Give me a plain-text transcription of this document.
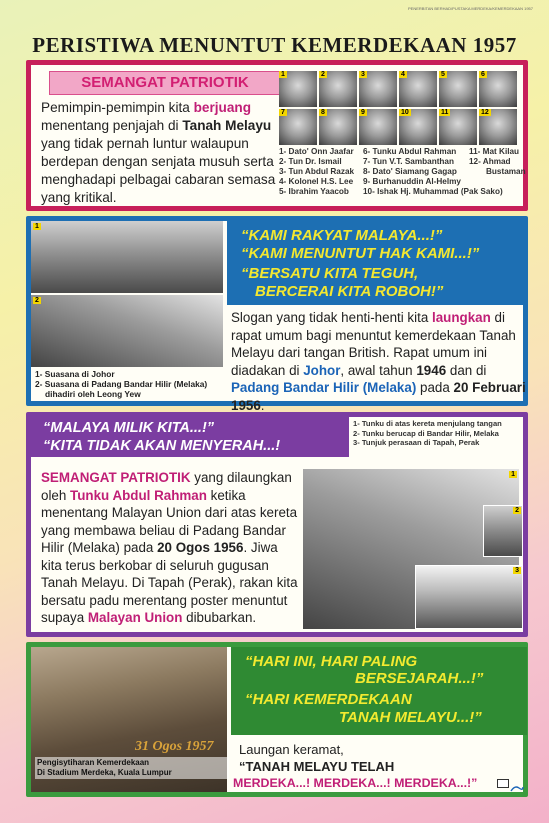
PENERBITAN BERHAD/PUSTAKA MERDEKA/KEMERDEKAAN 1957
PERISTIWA MENUNTUT KEMERDEKAAN 1957
SEMANGAT PATRIOTIK
Pemimpin-pemimpin kita berjuang menentang penjajah di Tanah Melayu yang tidak pernah luntur walaupun berdepan dengan senjata musuh serta menghadapi pelbagai cabaran semasa yang kritikal.
1	2	3	4	5	6
7	8	9	10	11	12
1- Dato' Onn Jaafar
2- Tun Dr. Ismail
3- Tun Abdul Razak
4- Kolonel H.S. Lee
5- Ibrahim Yaacob
6- Tunku Abdul Rahman
7- Tun V.T. Sambanthan
8- Dato' Siamang Gagap
9- Burhanuddin Al-Helmy
10- Ishak Hj. Muhammad (Pak Sako)
11- Mat Kilau
12- Ahmad
Bustaman
1
2
1- Suasana di Johor
2- Suasana di Padang Bandar Hilir (Melaka)
dihadiri oleh Leong Yew
“KAMI RAKYAT MALAYA...!”
“KAMI MENUNTUT HAK KAMI...!”
“BERSATU KITA TEGUH,
BERCERAI KITA ROBOH!”
Slogan yang tidak henti-henti kita laungkan di rapat umum bagi menuntut kemerdekaan Tanah Melayu dari tangan British. Rapat umum ini diadakan di Johor, awal tahun 1946 dan di Padang Bandar Hilir (Melaka) pada 20 Februari 1956.
“MALAYA MILIK KITA...!”
“KITA TIDAK AKAN MENYERAH...!
1- Tunku di atas kereta menjulang tangan
2- Tunku berucap di Bandar Hilir, Melaka
3- Tunjuk perasaan di Tapah, Perak
SEMANGAT PATRIOTIK yang dilaungkan oleh Tunku Abdul Rahman ketika menentang Malayan Union dari atas kereta yang membawa beliau di Padang Bandar Hilir (Melaka) pada 20 Ogos 1956. Jiwa kita terus berkobar di seluruh gugusan Tanah Melayu. Di Tapah (Perak), rakan kita bersatu padu merentang poster menuntut supaya Malayan Union dibubarkan.
1
2
3
31 Ogos 1957
Pengisytiharan Kemerdekaan
Di Stadium Merdeka, Kuala Lumpur
“HARI INI, HARI PALING
BERSEJARAH...!”
“HARI KEMERDEKAAN
TANAH MELAYU...!”
Laungan keramat,
“TANAH MELAYU TELAH
MERDEKA...! MERDEKA...! MERDEKA...!”
